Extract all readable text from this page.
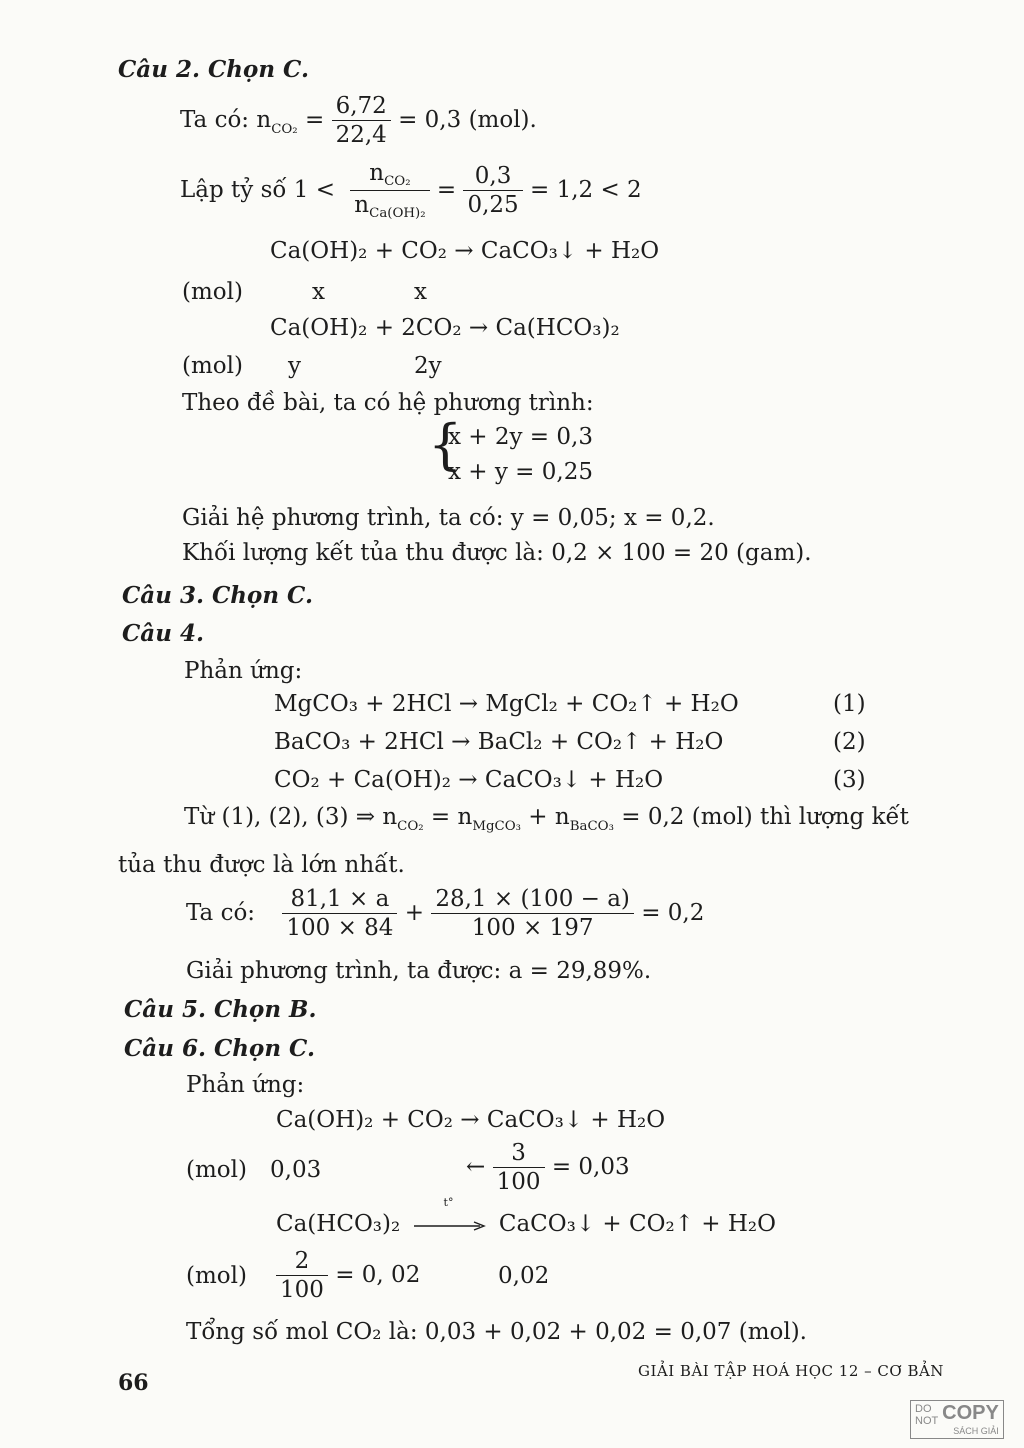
Câu 2. Chọn C.
Ta có: $n_{CO_2} = \frac{6,72}{22,4} = 0,3$ (mol).
Lập tỷ số $1 < \frac{n_{CO_2}}{n_{Ca(OH)_2}} = \frac{0,3}{0,25} = 1,2 < 2$
Ca(OH)₂ + CO₂ → CaCO₃↓ + H₂O
(mol)	x	x
Ca(OH)₂ + 2CO₂ → Ca(HCO₃)₂
(mol) y	2y
Theo đề bài, ta có hệ phương trình:
{
x + 2y = 0,3
x + y = 0,25
Giải hệ phương trình, ta có: y = 0,05; x = 0,2.
Khối lượng kết tủa thu được là: 0,2 × 100 = 20 (gam).
Câu 3. Chọn C.
Câu 4.
Phản ứng:
MgCO₃ + 2HCl → MgCl₂ + CO₂↑ + H₂O	(1)
BaCO₃ + 2HCl → BaCl₂ + CO₂↑ + H₂O	(2)
CO₂ + Ca(OH)₂ → CaCO₃↓ + H₂O	(3)
Từ (1), (2), (3) ⇒ $n_{CO_2} = n_{MgCO_3} + n_{BaCO_3} = 0,2$ (mol) thì lượng kết
tủa thu được là lớn nhất.
Ta có: $\frac{81,1 \times a}{100 \times 84} + \frac{28,1 \times (100 - a)}{100 \times 197} = 0,2$
Giải phương trình, ta được: a = 29,89%.
Câu 5. Chọn B.
Câu 6. Chọn C.
Phản ứng:
Ca(OH)₂ + CO₂ → CaCO₃↓ + H₂O
(mol) 0,03	← $\frac{3}{100} = 0,03$
Ca(HCO₃)₂
t°
CaCO₃↓ + CO₂↑ + H₂O
$(mol) \frac{2}{100} = 0$, 02	0,02
Tổng số mol CO₂ là: 0,03 + 0,02 + 0,02 = 0,07 (mol).
66	GIẢI BÀI TẬP HOÁ HỌC 12 – CƠ BẢN
DO
NOT COPY
SÁCH GIẢI
